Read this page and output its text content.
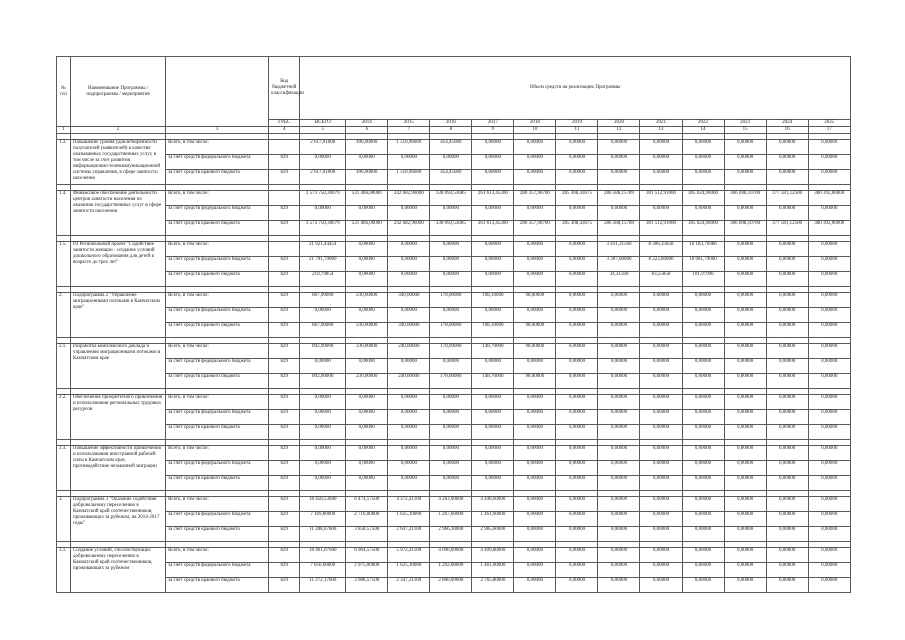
№ п/п	Наименование Программы / подпрограммы / мероприятия		Код бюджетной классификации	Объем средств на реализацию Программы												
			ГРБС	ВСЕГО	2014	2015	2016	2017	2018	2019	2020	2021	2022	2023	2024	2025
1	2	3	4	5	6	7	8	9	10	11	12	13	14	15	16	17

1.3.	Повышение уровня удовлетворенности получателей (заявителей) в качестве оказываемых государственных услуг, в том числе за счет развития информационно-телекоммуникационной системы управления, в сфере занятости населения	Всего, в том числе:		2 617,01000	496,90000	1 510,96000	454,45000	0,00000	0,00000	0,00000	0,00000	0,00000	0,00000	0,00000	0,00000	0,00000
		за счет средств федерального бюджета	829	0,00000	0,00000	0,00000	0,00000	0,00000	0,00000	0,00000	0,00000	0,00000	0,00000	0,00000	0,00000	0,00000
		за счет средств краевого бюджета	829	2 617,01000	496,90000	1 510,96000	454,45000	0,00000	0,00000	0,00000	0,00000	0,00000	0,00000	0,00000	0,00000	0,00000

1.4.	Финансовое обеспечение деятельности центров занятости населения по оказанию государственных услуг в сфере занятости населения	Всего, в том числе:		3 573 750,30079	531 466,00000	242 682,96000	330 093,53085	261 613,45300	280 357,90700	285 308,43675	286 588,15789	301 512,91000	305 024,90000	366 698,10700	377 581,12500	380 392,00000
		за счет средств федерального бюджета	829	0,00000	0,00000	0,00000	0,00000	0,00000	0,00000	0,00000	0,00000	0,00000	0,00000	0,00000	0,00000	0,00000
		за счет средств краевого бюджета	829	3 573 750,30079	531 466,00000	242 682,96000	330 093,53085	261 613,45300	280 357,90700	285 308,43675	286 588,15789	301 512,91000	305 024,90000	366 698,10700	377 581,12500	380 392,00000

1.5.	Р2 Региональный проект "Содействие занятости женщин - создание условий дошкольного образования для детей в возрасте до трех лет"	Всего, в том числе:		21 921,44454	0,00000	0,00000	0,00000	0,00000	0,00000	0,00000	3 431,31560	8 306,35858	10 183,76986	0,00000	0,00000	0,00000
		за счет средств федерального бюджета	829	21 701,79000	0,00000	0,00000	0,00000	0,00000	0,00000	0,00000	3 397,00000	8 222,80000	10 081,79000	0,00000	0,00000	0,00000
		за счет средств краевого бюджета	829	219,79854	0,00000	0,00000	0,00000	0,00000	0,00000	0,00000	34,31560	83,55858	101,97996	0,00000	0,00000	0,00000

2.	Подпрограмма 2 "Управление миграционными потоками в Камчатском крае"	Всего, в том числе:	829	867,90000	230,00000	340,00000	178,00000	198,10000	98,00000	0,00000	0,00000	0,00000	0,00000	0,00000	0,00000	0,00000
		за счет средств федерального бюджета	829	0,00000	0,00000	0,00000	0,00000	0,00000	0,00000	0,00000	0,00000	0,00000	0,00000	0,00000	0,00000	0,00000
		за счет средств краевого бюджета	829	867,90000	230,00000	340,00000	178,00000	198,10000	98,00000	0,00000	0,00000	0,00000	0,00000	0,00000	0,00000	0,00000

2.1.	Разработка комплексного доклада и управлению миграционными потоками в Камчатском крае	Всего, в том числе:	829	892,90000	230,00000	240,00000	178,00000	148,70000	98,00000	0,00000	0,00000	0,00000	0,00000	0,00000	0,00000	0,00000
		за счет средств федерального бюджета	829	0,00000	0,00000	0,00000	0,00000	0,00000	0,00000	0,00000	0,00000	0,00000	0,00000	0,00000	0,00000	0,00000
		за счет средств краевого бюджета	829	892,90000	230,00000	240,00000	178,00000	148,70000	98,00000	0,00000	0,00000	0,00000	0,00000	0,00000	0,00000	0,00000

2.2.	Обеспечение приоритетного привлечения и использования региональных трудовых ресурсов	Всего, в том числе:	829	0,00000	0,00000	0,00000	0,00000	0,00000	0,00000	0,00000	0,00000	0,00000	0,00000	0,00000	0,00000	0,00000
		за счет средств федерального бюджета	829	0,00000	0,00000	0,00000	0,00000	0,00000	0,00000	0,00000	0,00000	0,00000	0,00000	0,00000	0,00000	0,00000
		за счет средств краевого бюджета	829	0,00000	0,00000	0,00000	0,00000	0,00000	0,00000	0,00000	0,00000	0,00000	0,00000	0,00000	0,00000	0,00000

2.3.	Повышение эффективности привлечения и использования иностранной рабочей силы в Камчатском крае, противодействие незаконной миграции	Всего, в том числе:	829	0,00000	0,00000	0,00000	0,00000	0,00000	0,00000	0,00000	0,00000	0,00000	0,00000	0,00000	0,00000	0,00000
		за счет средств федерального бюджета	829	0,00000	0,00000	0,00000	0,00000	0,00000	0,00000	0,00000	0,00000	0,00000	0,00000	0,00000	0,00000	0,00000
		за счет средств краевого бюджета	829	0,00000	0,00000	0,00000	0,00000	0,00000	0,00000	0,00000	0,00000	0,00000	0,00000	0,00000	0,00000	0,00000

3.	Подпрограмма 3 "Оказание содействия добровольному переселению в Камчатский край соотечественников, проживающих за рубежом, на 2014-2017 годы"	Всего, в том числе:	829	18 458,53600	6 474,57500	4 372,41100	4 263,90000	4 448,60000	0,00000	0,00000	0,00000	0,00000	0,00000	0,00000	0,00000	0,00000
		за счет средств федерального бюджета	829	7 169,80000	2 716,00000	1 625,10000	1 267,60000	1 461,00000	0,00000	0,00000	0,00000	0,00000	0,00000	0,00000	0,00000	0,00000
		за счет средств краевого бюджета	829	11 288,67600	3 858,57500	2 647,31100	2 966,30000	2 985,60000	0,00000	0,00000	0,00000	0,00000	0,00000	0,00000	0,00000	0,00000

3.1.	Создание условий, способствующих добровольному переселению в Камчатский край соотечественников, проживающих за рубежом	Всего, в том числе:	829	18 461,07600	6 964,57500	5 972,41100	4 090,09000	4 499,80000	0,00000	0,00000	0,00000	0,00000	0,00000	0,00000	0,00000	0,00000
		за счет средств федерального бюджета	829	7 056,60000	2 975,00000	1 625,10000	1 292,00000	1 461,00000	0,00000	0,00000	0,00000	0,00000	0,00000	0,00000	0,00000	0,00000
		за счет средств краевого бюджета	829	11 272,17600	3 988,57500	2 347,31100	2 800,09000	2 765,80000	0,00000	0,00000	0,00000	0,00000	0,00000	0,00000	0,00000	0,00000
